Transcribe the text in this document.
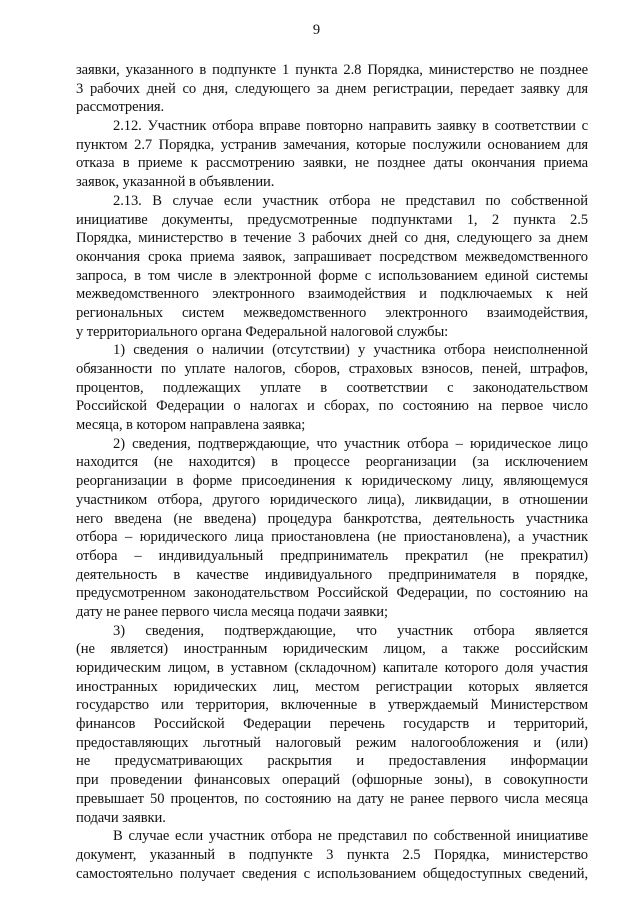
9
заявки, указанного в подпункте 1 пункта 2.8 Порядка, министерство не позднее
3 рабочих дней со дня, следующего за днем регистрации, передает заявку для
рассмотрения.
2.12. Участник отбора вправе повторно направить заявку в соответствии с
пунктом 2.7 Порядка, устранив замечания, которые послужили основанием для
отказа в приеме к рассмотрению заявки, не позднее даты окончания приема
заявок, указанной в объявлении.
2.13. В случае если участник отбора не представил по собственной
инициативе документы, предусмотренные подпунктами 1, 2 пункта 2.5
Порядка, министерство в течение 3 рабочих дней со дня, следующего за днем
окончания срока приема заявок, запрашивает посредством межведомственного
запроса, в том числе в электронной форме с использованием единой системы
межведомственного электронного взаимодействия и подключаемых к ней
региональных систем межведомственного электронного взаимодействия,
у территориального органа Федеральной налоговой службы:
1) сведения о наличии (отсутствии) у участника отбора неисполненной
обязанности по уплате налогов, сборов, страховых взносов, пеней, штрафов,
процентов, подлежащих уплате в соответствии с законодательством
Российской Федерации о налогах и сборах, по состоянию на первое число
месяца, в котором направлена заявка;
2) сведения, подтверждающие, что участник отбора – юридическое лицо
находится (не находится) в процессе реорганизации (за исключением
реорганизации в форме присоединения к юридическому лицу, являющемуся
участником отбора, другого юридического лица), ликвидации, в отношении
него введена (не введена) процедура банкротства, деятельность участника
отбора – юридического лица приостановлена (не приостановлена), а участник
отбора – индивидуальный предприниматель прекратил (не прекратил)
деятельность в качестве индивидуального предпринимателя в порядке,
предусмотренном законодательством Российской Федерации, по состоянию на
дату не ранее первого числа месяца подачи заявки;
3) сведения, подтверждающие, что участник отбора является
(не является) иностранным юридическим лицом, а также российским
юридическим лицом, в уставном (складочном) капитале которого доля участия
иностранных юридических лиц, местом регистрации которых является
государство или территория, включенные в утверждаемый Министерством
финансов Российской Федерации перечень государств и территорий,
предоставляющих льготный налоговый режим налогообложения и (или)
не предусматривающих раскрытия и предоставления информации
при проведении финансовых операций (офшорные зоны), в совокупности
превышает 50 процентов, по состоянию на дату не ранее первого числа месяца
подачи заявки.
В случае если участник отбора не представил по собственной инициативе
документ, указанный в подпункте 3 пункта 2.5 Порядка, министерство
самостоятельно получает сведения с использованием общедоступных сведений,
